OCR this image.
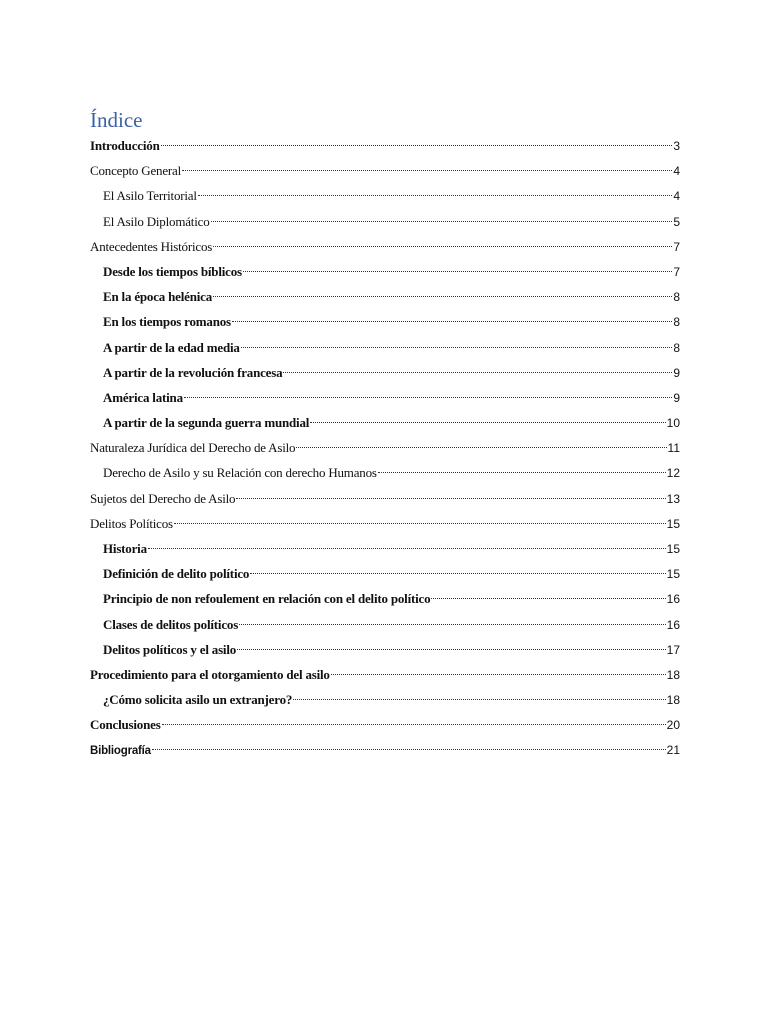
Índice
Introducción	3
Concepto General	4
El Asilo Territorial	4
El Asilo Diplomático	5
Antecedentes Históricos	7
Desde los tiempos bíblicos	7
En la época helénica	8
En los tiempos romanos	8
A partir de la edad media	8
A partir de la revolución francesa	9
América latina	9
A partir de la segunda guerra mundial	10
Naturaleza Jurídica del Derecho de Asilo	11
Derecho de Asilo y su Relación con derecho Humanos	12
Sujetos del Derecho de Asilo	13
Delitos Políticos	15
Historia	15
Definición de delito político	15
Principio de non refoulement en relación con el delito político	16
Clases de delitos políticos	16
Delitos políticos y el asilo	17
Procedimiento para el otorgamiento del asilo	18
¿Cómo solicita asilo un extranjero?	18
Conclusiones	20
Bibliografía	21
